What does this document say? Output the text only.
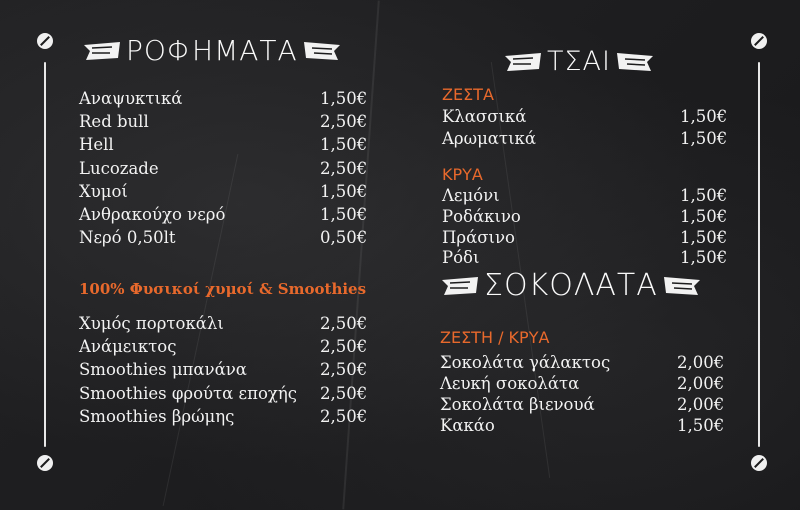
ΡΟΦΗΜΑΤΑ
Αναψυκτικά	1,50€
Red bull	2,50€
Hell	1,50€
Lucozade	2,50€
Χυμοί	1,50€
Ανθρακούχο νερό	1,50€
Νερό 0,50lt	0,50€
100% Φυσικοί χυμοί & Smoothies
Χυμός πορτοκάλι	2,50€
Ανάμεικτος	2,50€
Smoothies μπανάνα	2,50€
Smoothies φρούτα εποχής 2,50€
Smoothies βρώμης	2,50€
ΤΣΑΙ
ΖΕΣΤΑ
Κλασσικά	1,50€
Αρωματικά	1,50€
ΚΡΥΑ
Λεμόνι	1,50€
Ροδάκινο	1,50€
Πράσινο	1,50€
Ρόδι	1,50€
ΣΟΚΟΛΑΤΑ
ΖΕΣΤΗ / ΚΡΥΑ
Σοκολάτα γάλακτος	2,00€
Λευκή σοκολάτα	2,00€
Σοκολάτα βιενουά	2,00€
Κακάο	1,50€
